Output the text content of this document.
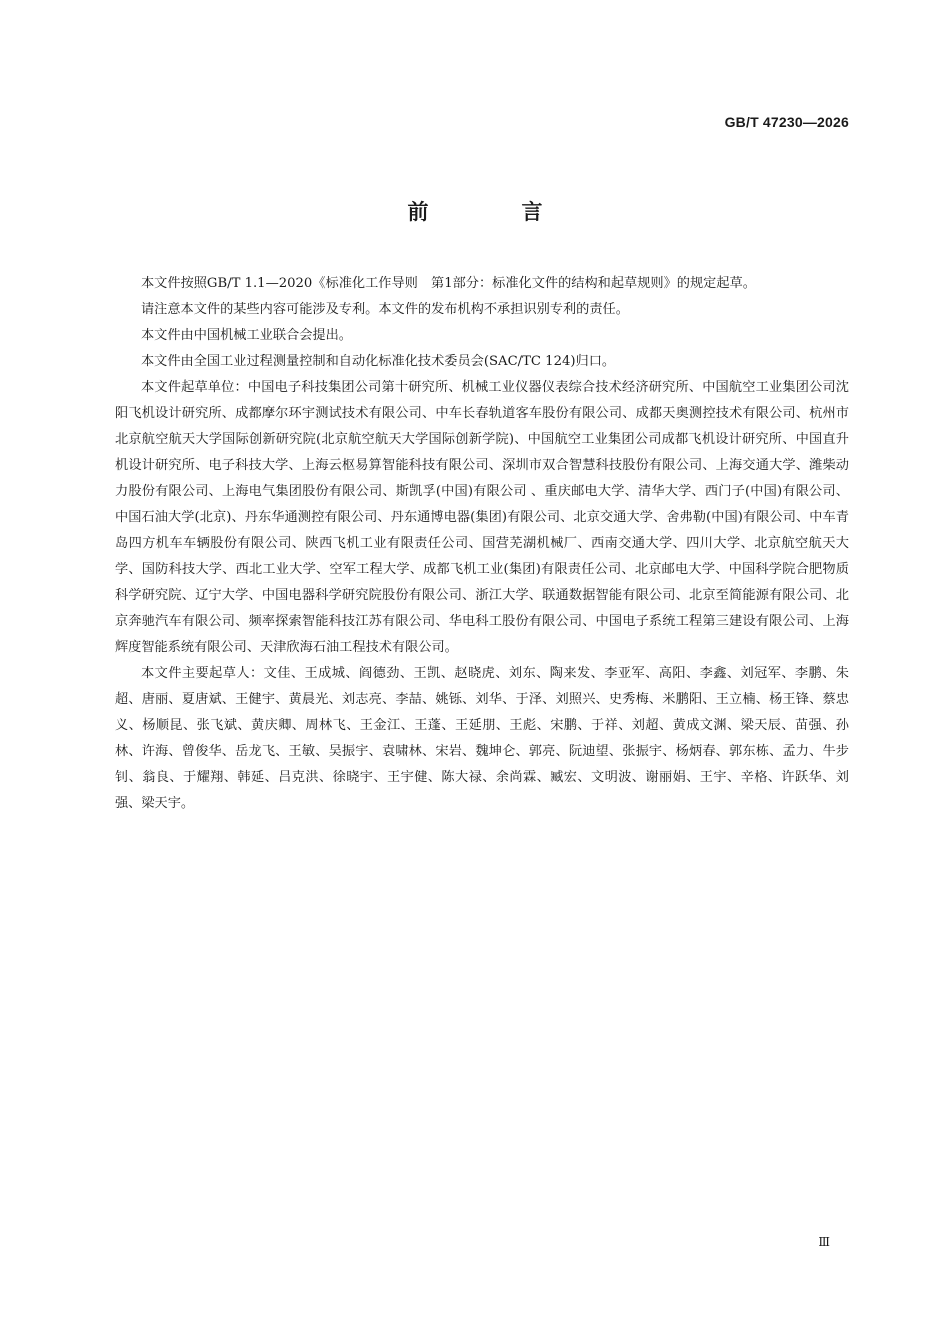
GB/T 47230—2026

前　言

本文件按照GB/T 1.1—2020《标准化工作导则　第1部分：标准化文件的结构和起草规则》的规定起草。

请注意本文件的某些内容可能涉及专利。本文件的发布机构不承担识别专利的责任。

本文件由中国机械工业联合会提出。

本文件由全国工业过程测量控制和自动化标准化技术委员会(SAC/TC 124)归口。

本文件起草单位：中国电子科技集团公司第十研究所、机械工业仪器仪表综合技术经济研究所、中国航空工业集团公司沈阳飞机设计研究所、成都摩尔环宇测试技术有限公司、中车长春轨道客车股份有限公司、成都天奥测控技术有限公司、杭州市北京航空航天大学国际创新研究院(北京航空航天大学国际创新学院)、中国航空工业集团公司成都飞机设计研究所、中国直升机设计研究所、电子科技大学、上海云枢易算智能科技有限公司、深圳市双合智慧科技股份有限公司、上海交通大学、潍柴动力股份有限公司、上海电气集团股份有限公司、斯凯孚(中国)有限公司 、重庆邮电大学、清华大学、西门子(中国)有限公司、中国石油大学(北京)、丹东华通测控有限公司、丹东通博电器(集团)有限公司、北京交通大学、舍弗勒(中国)有限公司、中车青岛四方机车车辆股份有限公司、陕西飞机工业有限责任公司、国营芜湖机械厂、西南交通大学、四川大学、北京航空航天大学、国防科技大学、西北工业大学、空军工程大学、成都飞机工业(集团)有限责任公司、北京邮电大学、中国科学院合肥物质科学研究院、辽宁大学、中国电器科学研究院股份有限公司、浙江大学、联通数据智能有限公司、北京至简能源有限公司、北京奔驰汽车有限公司、频率探索智能科技江苏有限公司、华电科工股份有限公司、中国电子系统工程第三建设有限公司、上海辉度智能系统有限公司、天津欣海石油工程技术有限公司。

本文件主要起草人：文佳、王成城、阎德劲、王凯、赵晓虎、刘东、陶来发、李亚军、高阳、李鑫、刘冠军、李鹏、朱超、唐丽、夏唐斌、王健宇、黄晨光、刘志亮、李喆、姚铄、刘华、于泽、刘照兴、史秀梅、米鹏阳、王立楠、杨王锋、蔡忠义、杨顺昆、张飞斌、黄庆卿、周林飞、王金江、王蓬、王延朋、王彪、宋鹏、于祥、刘超、黄成文渊、梁天辰、苗强、孙林、许海、曾俊华、岳龙飞、王敏、吴振宇、袁啸林、宋岩、魏坤仑、郭亮、阮迪望、张振宇、杨炳春、郭东栋、孟力、牛步钊、翁良、于耀翔、韩延、吕克洪、徐晓宇、王宇健、陈大禄、余尚霖、臧宏、文明波、谢丽娟、王宇、辛格、许跃华、刘强、梁天宇。

Ⅲ
